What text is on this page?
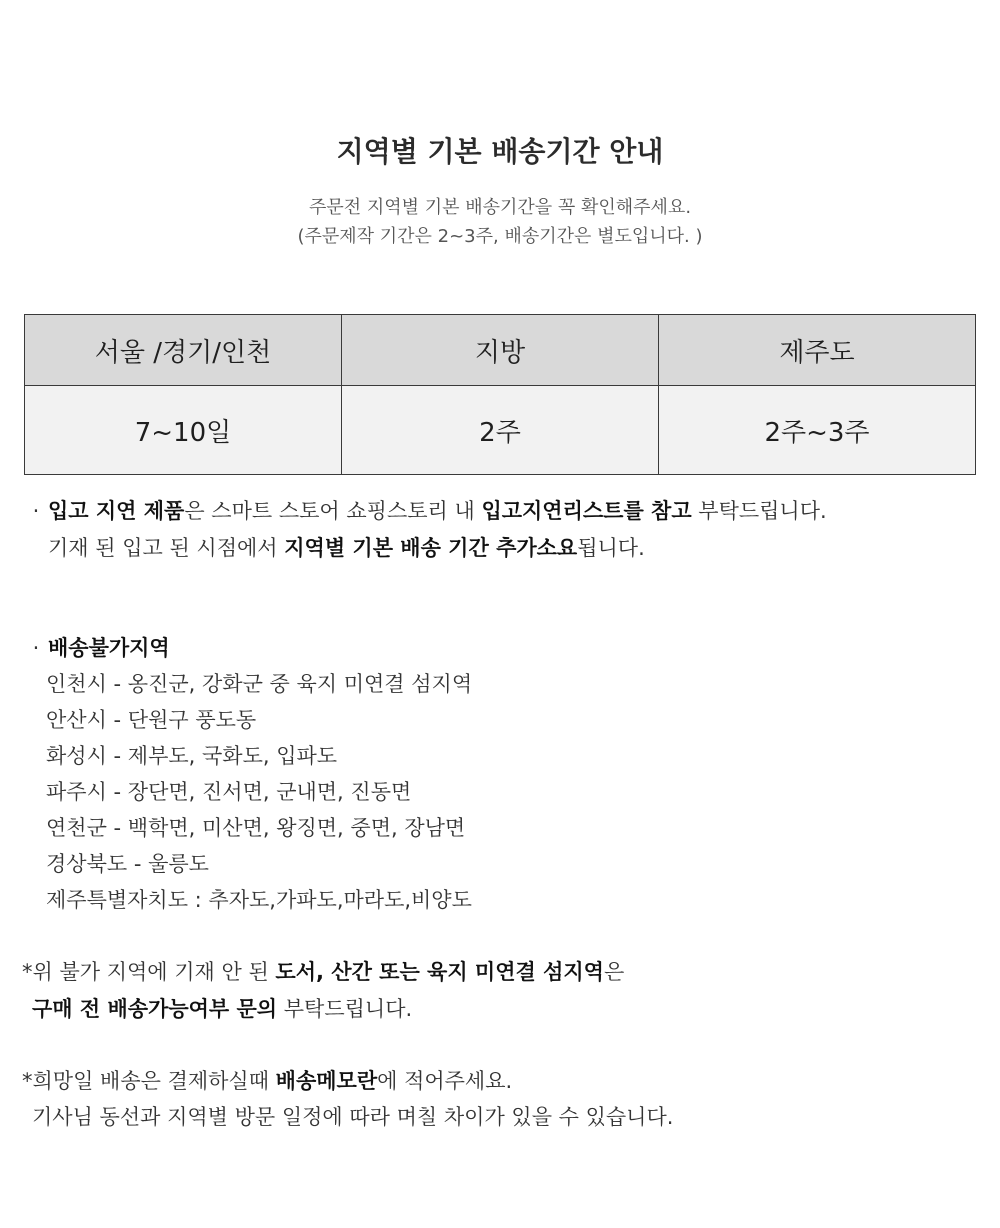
지역별 기본 배송기간 안내

주문전 지역별 기본 배송기간을 꼭 확인해주세요.

(주문제작 기간은 2~3주, 배송기간은 별도입니다. )

서울 /경기/인천	지방	제주도
7~10일	2주	2주~3주

· 입고 지연 제품은 스마트 스토어 쇼핑스토리 내 입고지연리스트를 참고 부탁드립니다.

기재 된 입고 된 시점에서 지역별 기본 배송 기간 추가소요됩니다.

· 배송불가지역

인천시 - 옹진군, 강화군 중 육지 미연결 섬지역

안산시 - 단원구 풍도동

화성시 - 제부도, 국화도, 입파도

파주시 - 장단면, 진서면, 군내면, 진동면

연천군 - 백학면, 미산면, 왕징면, 중면, 장남면

경상북도 - 울릉도

제주특별자치도 : 추자도,가파도,마라도,비양도

*위 불가 지역에 기재 안 된 도서, 산간 또는 육지 미연결 섬지역은

구매 전 배송가능여부 문의 부탁드립니다.

*희망일 배송은 결제하실때 배송메모란에 적어주세요.

기사님 동선과 지역별 방문 일정에 따라 며칠 차이가 있을 수 있습니다.
